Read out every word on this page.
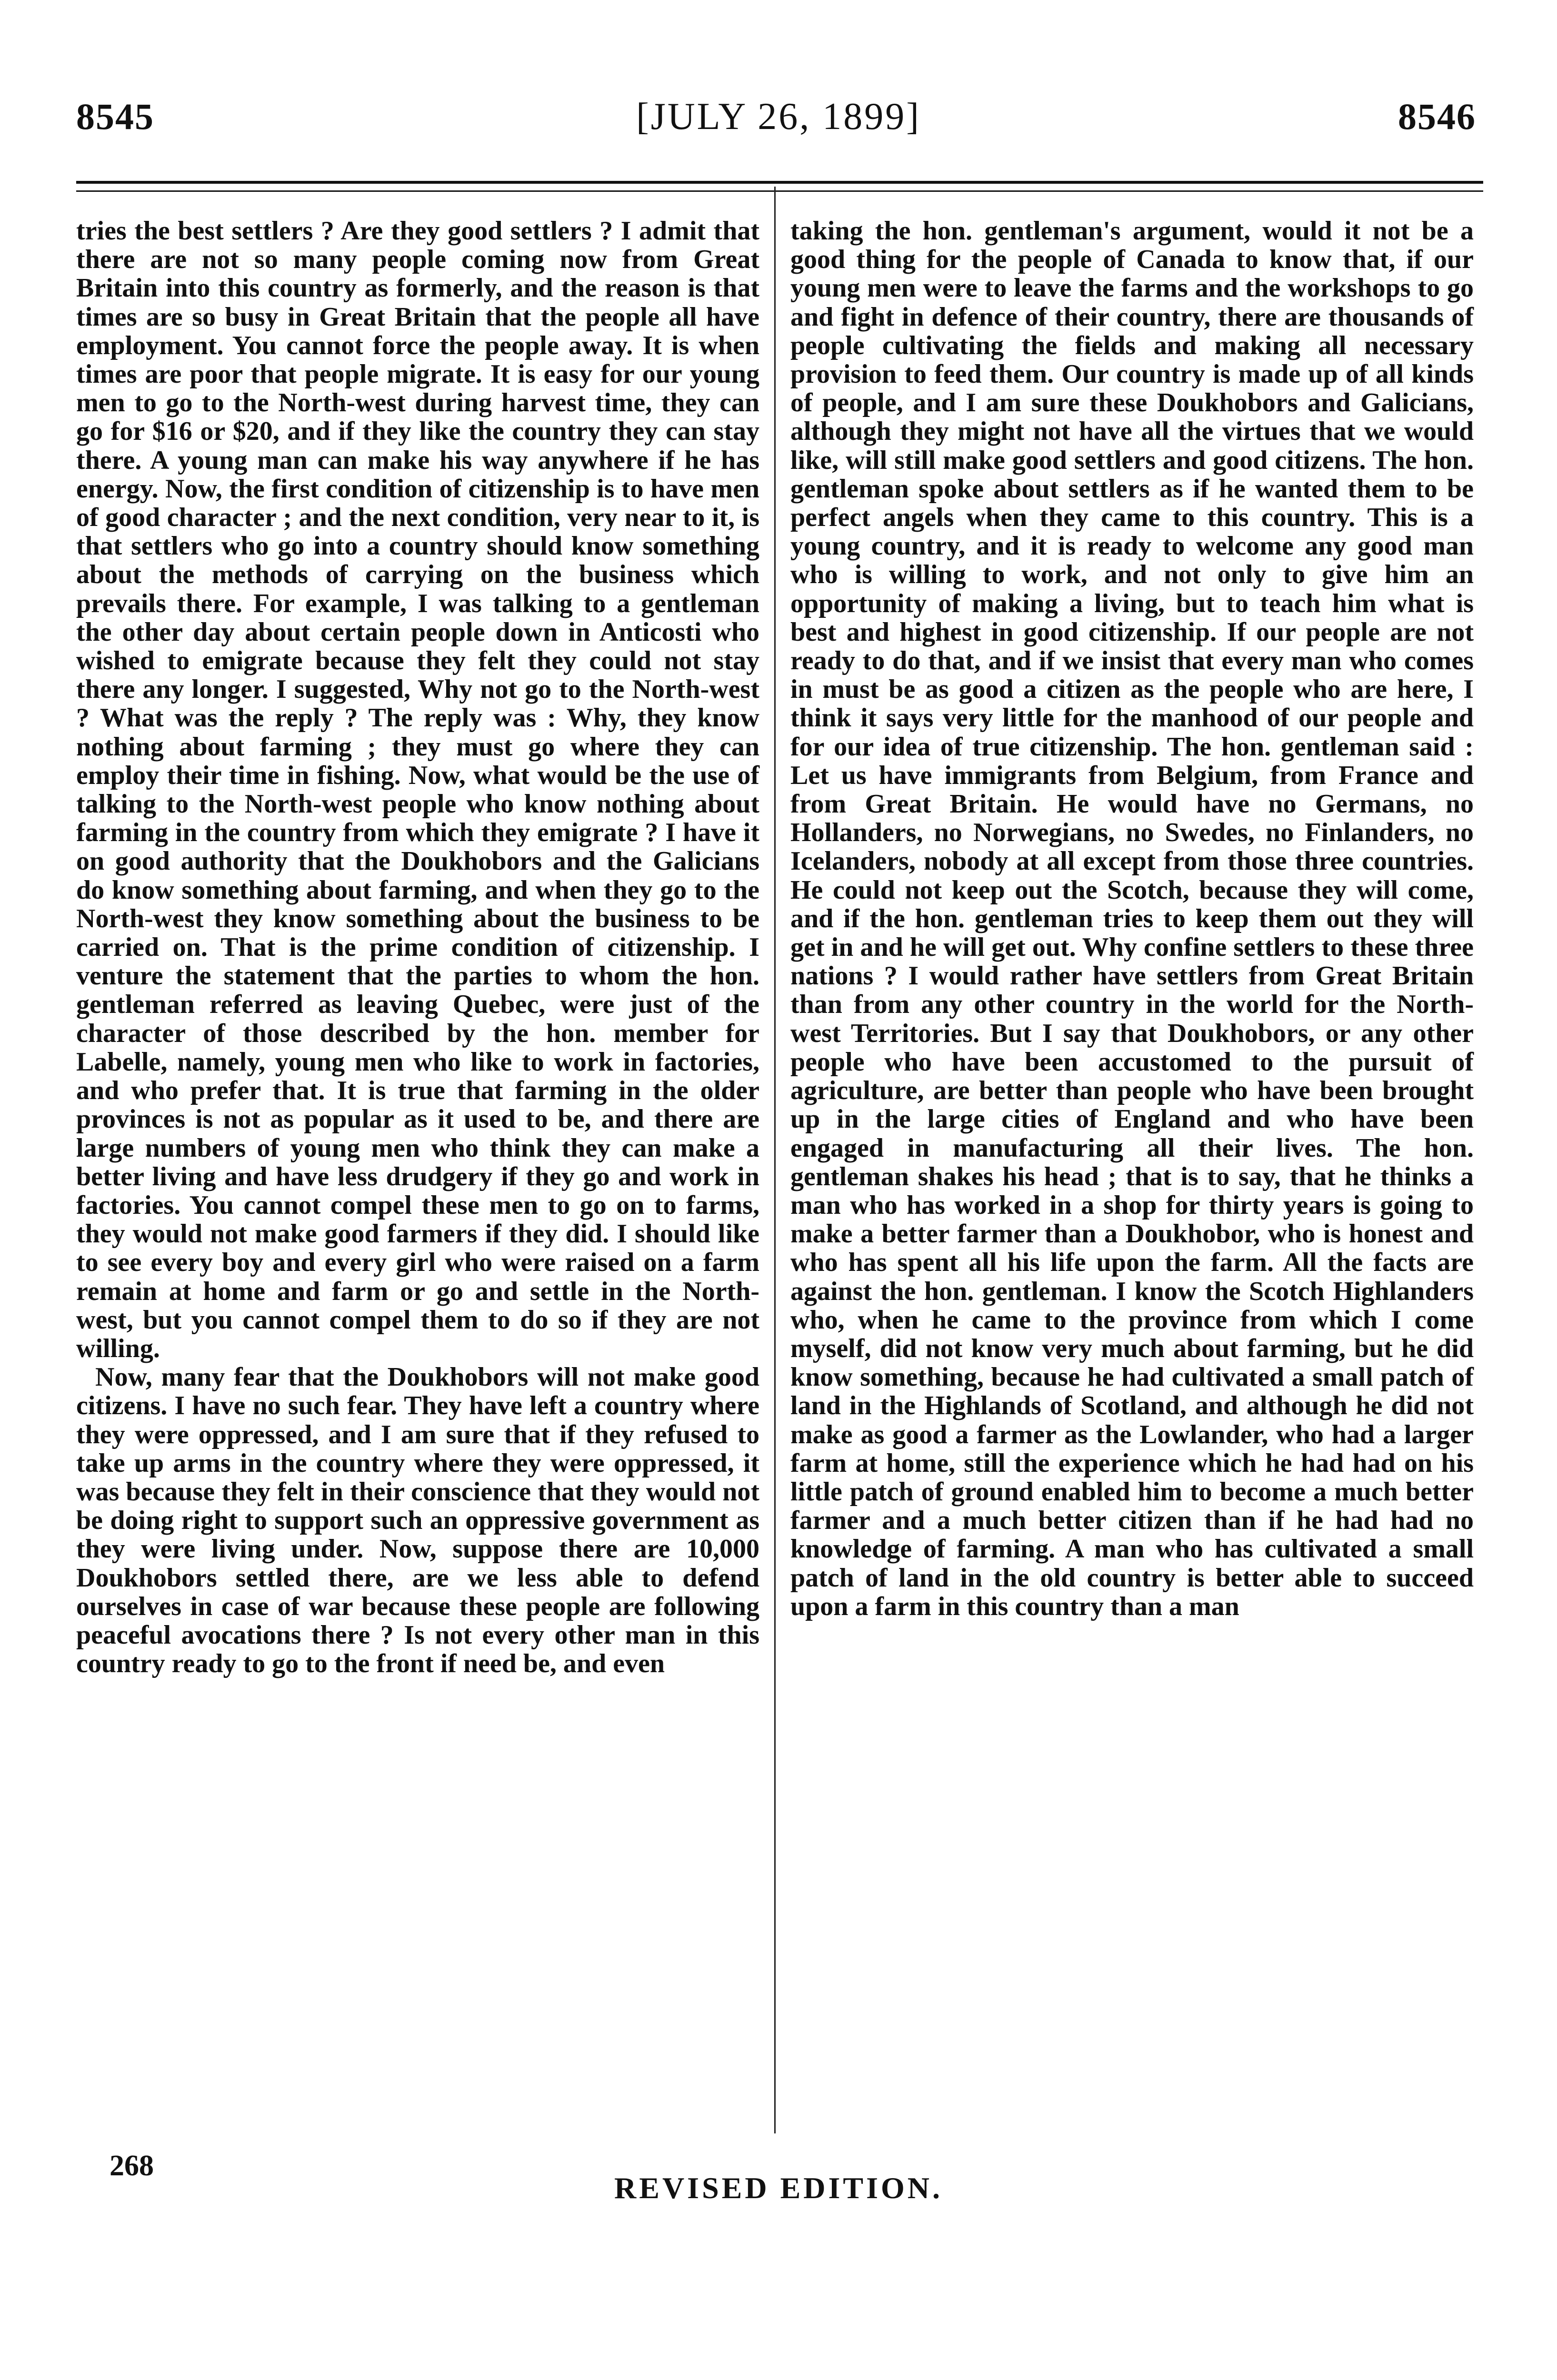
8545	[JULY 26, 1899]	8546

tries the best settlers ? Are they good settlers ? I admit that there are not so many people coming now from Great Britain into this country as formerly, and the reason is that times are so busy in Great Britain that the people all have employment. You cannot force the people away. It is when times are poor that people migrate. It is easy for our young men to go to the North-west during harvest time, they can go for $16 or $20, and if they like the country they can stay there. A young man can make his way anywhere if he has energy. Now, the first condition of citizenship is to have men of good character ; and the next condition, very near to it, is that settlers who go into a country should know something about the methods of carrying on the business which prevails there. For example, I was talking to a gentleman the other day about certain people down in Anticosti who wished to emigrate because they felt they could not stay there any longer. I suggested, Why not go to the North-west ? What was the reply ? The reply was : Why, they know nothing about farming ; they must go where they can employ their time in fishing. Now, what would be the use of talking to the North-west people who know nothing about farming in the country from which they emigrate ? I have it on good authority that the Doukhobors and the Galicians do know something about farming, and when they go to the North-west they know something about the business to be carried on. That is the prime condition of citizenship. I venture the statement that the parties to whom the hon. gentleman referred as leaving Quebec, were just of the character of those described by the hon. member for Labelle, namely, young men who like to work in factories, and who prefer that. It is true that farming in the older provinces is not as popular as it used to be, and there are large numbers of young men who think they can make a better living and have less drudgery if they go and work in factories. You cannot compel these men to go on to farms, they would not make good farmers if they did. I should like to see every boy and every girl who were raised on a farm remain at home and farm or go and settle in the North-west, but you cannot compel them to do so if they are not willing.

Now, many fear that the Doukhobors will not make good citizens. I have no such fear. They have left a country where they were oppressed, and I am sure that if they refused to take up arms in the country where they were oppressed, it was because they felt in their conscience that they would not be doing right to support such an oppressive government as they were living under. Now, suppose there are 10,000 Doukhobors settled there, are we less able to defend ourselves in case of war because these people are following peaceful avocations there ? Is not every other man in this country ready to go to the front if need be, and even

taking the hon. gentleman's argument, would it not be a good thing for the people of Canada to know that, if our young men were to leave the farms and the workshops to go and fight in defence of their country, there are thousands of people cultivating the fields and making all necessary provision to feed them. Our country is made up of all kinds of people, and I am sure these Doukhobors and Galicians, although they might not have all the virtues that we would like, will still make good settlers and good citizens. The hon. gentleman spoke about settlers as if he wanted them to be perfect angels when they came to this country. This is a young country, and it is ready to welcome any good man who is willing to work, and not only to give him an opportunity of making a living, but to teach him what is best and highest in good citizenship. If our people are not ready to do that, and if we insist that every man who comes in must be as good a citizen as the people who are here, I think it says very little for the manhood of our people and for our idea of true citizenship. The hon. gentleman said : Let us have immigrants from Belgium, from France and from Great Britain. He would have no Germans, no Hollanders, no Norwegians, no Swedes, no Finlanders, no Icelanders, nobody at all except from those three countries. He could not keep out the Scotch, because they will come, and if the hon. gentleman tries to keep them out they will get in and he will get out. Why confine settlers to these three nations ? I would rather have settlers from Great Britain than from any other country in the world for the North-west Territories. But I say that Doukhobors, or any other people who have been accustomed to the pursuit of agriculture, are better than people who have been brought up in the large cities of England and who have been engaged in manufacturing all their lives. The hon. gentleman shakes his head ; that is to say, that he thinks a man who has worked in a shop for thirty years is going to make a better farmer than a Doukhobor, who is honest and who has spent all his life upon the farm. All the facts are against the hon. gentleman. I know the Scotch Highlanders who, when he came to the province from which I come myself, did not know very much about farming, but he did know something, because he had cultivated a small patch of land in the Highlands of Scotland, and although he did not make as good a farmer as the Lowlander, who had a larger farm at home, still the experience which he had had on his little patch of ground enabled him to become a much better farmer and a much better citizen than if he had had no knowledge of farming. A man who has cultivated a small patch of land in the old country is better able to succeed upon a farm in this country than a man

268
REVISED EDITION.
